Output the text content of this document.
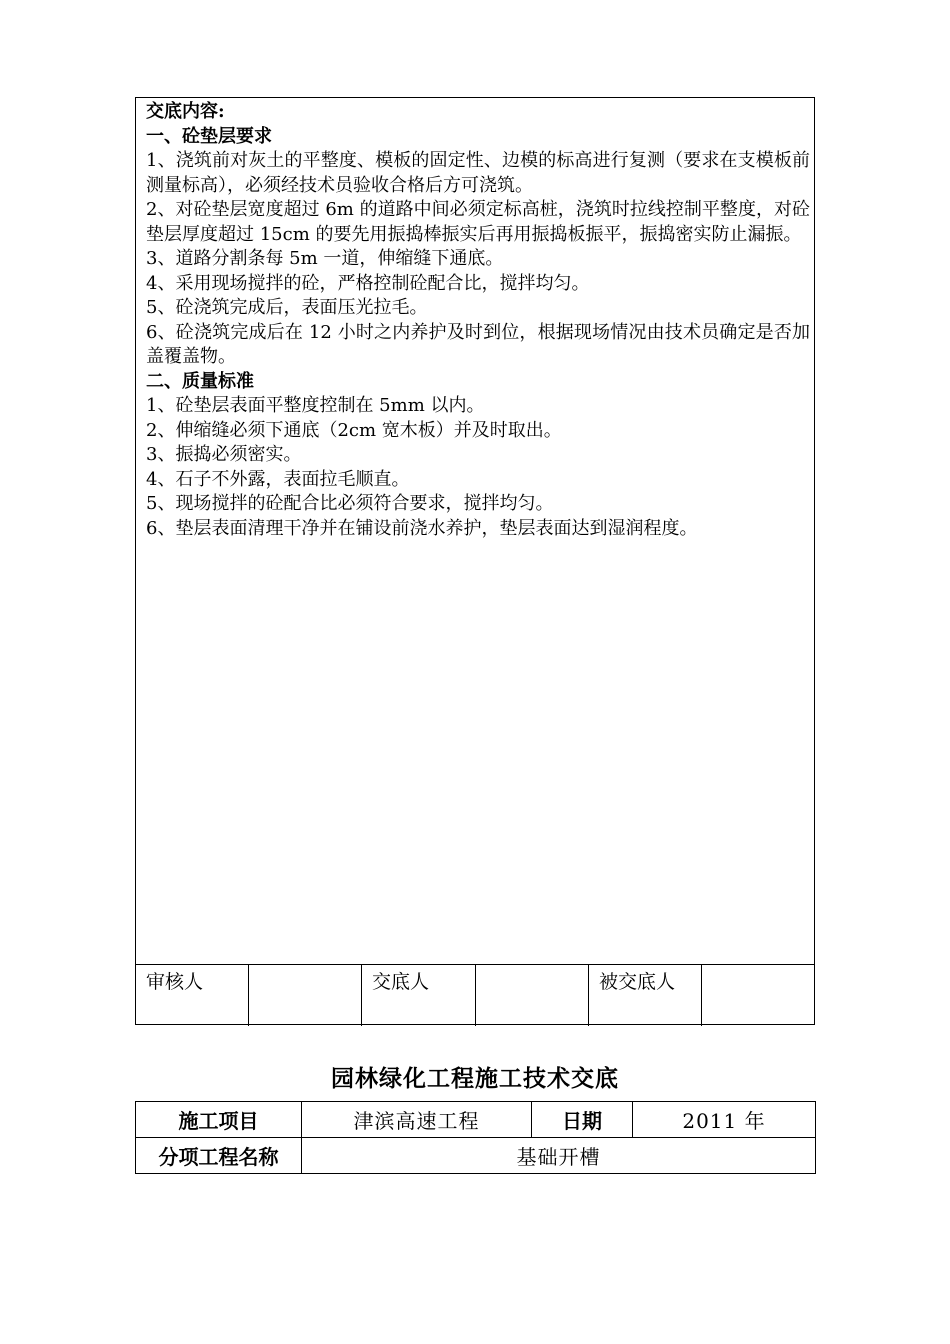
交底内容:
一、砼垫层要求
1、浇筑前对灰土的平整度、模板的固定性、边模的标高进行复测（要求在支模板前测量标高），必须经技术员验收合格后方可浇筑。
2、对砼垫层宽度超过 6m 的道路中间必须定标高桩，浇筑时拉线控制平整度，对砼垫层厚度超过 15cm 的要先用振捣棒振实后再用振捣板振平，振捣密实防止漏振。
3、道路分割条每 5m 一道，伸缩缝下通底。
4、采用现场搅拌的砼，严格控制砼配合比，搅拌均匀。
5、砼浇筑完成后，表面压光拉毛。
6、砼浇筑完成后在 12 小时之内养护及时到位，根据现场情况由技术员确定是否加盖覆盖物。
二、质量标准
1、砼垫层表面平整度控制在 5mm 以内。
2、伸缩缝必须下通底（2cm 宽木板）并及时取出。
3、振捣必须密实。
4、石子不外露，表面拉毛顺直。
5、现场搅拌的砼配合比必须符合要求，搅拌均匀。
6、垫层表面清理干净并在铺设前浇水养护，垫层表面达到湿润程度。
审核人	交底人	被交底人
园林绿化工程施工技术交底
施工项目	津滨高速工程	日期	2011 年
分项工程名称	基础开槽		
